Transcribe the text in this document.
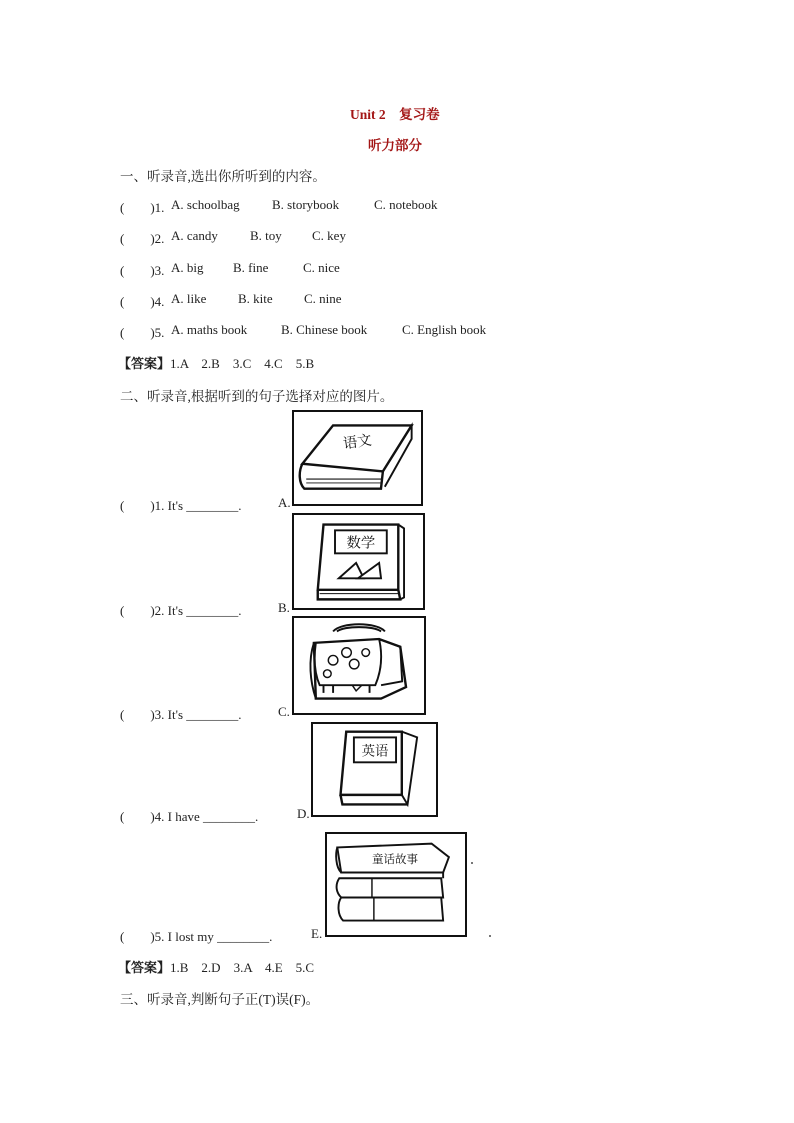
Unit 2　复习卷
听力部分
一、听录音,选出你所听到的内容。
(　　)1. A. schoolbag B. storybook	C. notebook
(　　)2. A. candy B. toy C. key
(　　)3. A. big B. fine	C. nice
(　　)4. A. like B. kite C. nine
(　　)5. A. maths book	B. Chinese book	C. English book
【答案】1.A　2.B　3.C　4.C　5.B
二、听录音,根据听到的句子选择对应的图片。
(　　)1. It's ________.	A.
(　　)2. It's ________.	B.
(　　)3. It's ________.	C.
(　　)4. I have ________.	D.
(　　)5. I lost my ________.	E.
语文
数学
英语
童话故事
【答案】1.B　2.D　3.A　4.E　5.C
三、听录音,判断句子正(T)误(F)。
